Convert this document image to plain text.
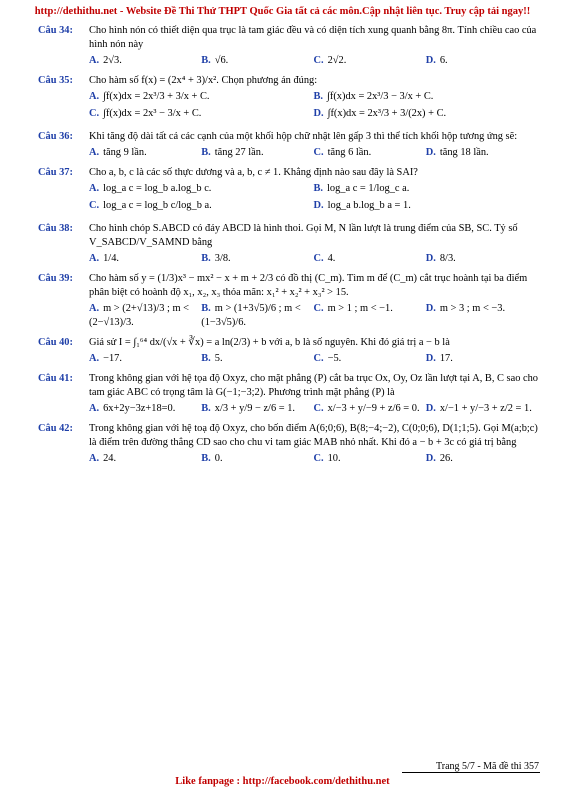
http://dethithu.net - Website Đề Thi Thử THPT Quốc Gia tất cả các môn.Cập nhật liên tục. Truy cập tải ngay!!
Câu 34:	Cho hình nón có thiết diện qua trục là tam giác đều và có diện tích xung quanh bằng 8π. Tính chiều cao của hình nón này
A. 2√3.	B. √6.	C. 2√2.	D. 6.
Câu 35:	Cho hàm số f(x) = (2x⁴ + 3)/x². Chọn phương án đúng:
A. ∫f(x)dx = 2x³/3 + 3/x + C.	B. ∫f(x)dx = 2x³/3 − 3/x + C.
C. ∫f(x)dx = 2x³ − 3/x + C.	D. ∫f(x)dx = 2x³/3 + 3/(2x) + C.
Câu 36:	Khi tăng độ dài tất cả các cạnh của một khối hộp chữ nhật lên gấp 3 thì thể tích khối hộp tương ứng sẽ:
A. tăng 9 lần.	B. tăng 27 lần.	C. tăng 6 lần.	D. tăng 18 lần.
Câu 37:	Cho a, b, c là các số thực dương và a, b, c ≠ 1. Khẳng định nào sau đây là SAI?
A. log_a c = log_b a.log_b c.	B. log_a c = 1/log_c a.
C. log_a c = log_b c/log_b a.	D. log_a b.log_b a = 1.
Câu 38:	Cho hình chóp S.ABCD có đáy ABCD là hình thoi. Gọi M, N lần lượt là trung điểm của SB, SC. Tỷ số V_SABCD/V_SAMND bằng
A. 1/4.	B. 3/8.	C. 4.	D. 8/3.
Câu 39:	Cho hàm số y = (1/3)x³ − mx² − x + m + 2/3 có đồ thị (C_m). Tìm m để (C_m) cắt trục hoành tại ba điểm phân biệt có hoành độ x₁, x₂, x₃ thỏa mãn: x₁² + x₂² + x₃² > 15.
A. m > (2+√13)/3 ; m < (2−√13)/3.
B. m > (1+3√5)/6 ; m < (1−3√5)/6.
C. m > 1 ; m < −1.	D. m > 3 ; m < −3.
Câu 40:	Giả sử I = ∫₁⁶⁴ dx/(√x + ∛x) = a ln(2/3) + b với a, b là số nguyên. Khi đó giá trị a − b là
A. −17.	B. 5.	C. −5.	D. 17.
Câu 41:	Trong không gian với hệ tọa độ Oxyz, cho mặt phẳng (P) cắt ba trục Ox, Oy, Oz lần lượt tại A, B, C sao cho tam giác ABC có trọng tâm là G(−1;−3;2). Phương trình mặt phẳng (P) là
A. 6x+2y−3z+18=0.	B. x/3 + y/9 − z/6 = 1.	C. x/−3 + y/−9 + z/6 = 0. D. x/−1 + y/−3 + z/2 = 1.
Câu 42:	Trong không gian với hệ toạ độ Oxyz, cho bốn điểm A(6;0;6), B(8;−4;−2), C(0;0;6), D(1;1;5). Gọi M(a;b;c) là điểm trên đường thẳng CD sao cho chu vi tam giác MAB nhỏ nhất. Khi đó a − b + 3c có giá trị bằng
A. 24.	B. 0.	C. 10.	D. 26.
Trang 5/7 - Mã đề thi 357
Like fanpage : http://facebook.com/dethithu.net
